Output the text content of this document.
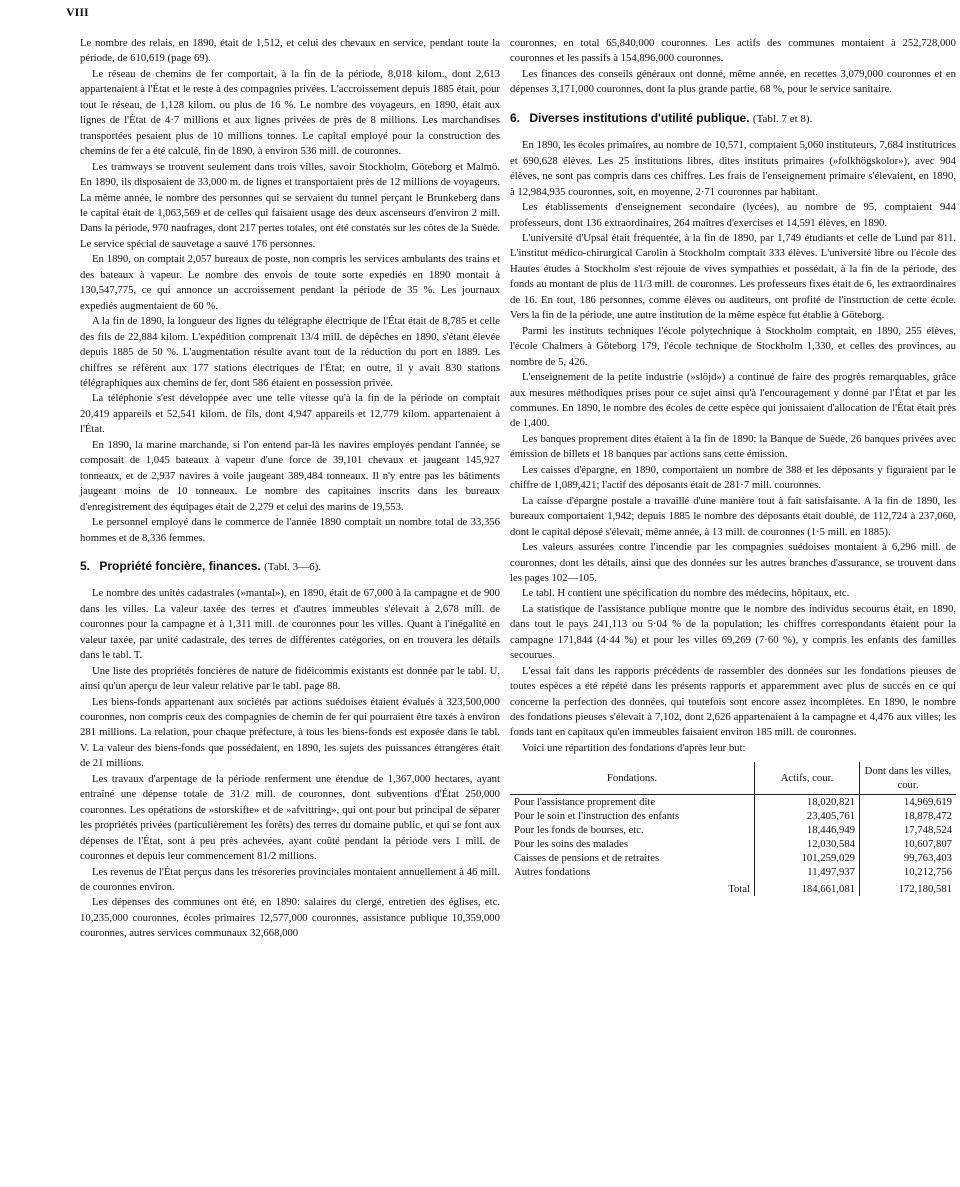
VIII

Le nombre des relais, en 1890, était de 1,512, et celui des chevaux en service, pendant toute la période, de 610,619 (page 69).

Le réseau de chemins de fer comportait, à la fin de la période, 8,018 kilom., dont 2,613 appartenaient à l'État et le reste à des compagnies privées. L'accroissement depuis 1885 était, pour tout le réseau, de 1,128 kilom. ou plus de 16 %. Le nombre des voyageurs, en 1890, était aux lignes de l'État de 4·7 millions et aux lignes privées de près de 8 millions. Les marchandises transportées pesaient plus de 10 millions tonnes. Le capital employé pour la construction des chemins de fer a été calculé, fin de 1890, à environ 536 mill. de couronnes.

Les tramways se trouvent seulement dans trois villes, savoir Stockholm, Göteborg et Malmö. En 1890, ils disposaient de 33,000 m. de lignes et transportaient près de 12 millions de voyageurs. La même année, le nombre des personnes qui se servaient du tunnel perçant le Brunkeberg dans le capital était de 1,063,569 et de celles qui faisaient usage des deux ascenseurs d'environ 2 mill. Dans la période, 970 naufrages, dont 217 pertes totales, ont été constatés sur les côtes de la Suède. Le service spécial de sauvetage a sauvé 176 personnes.

En 1890, on comptait 2,057 bureaux de poste, non compris les services ambulants des trains et des bateaux à vapeur. Le nombre des envois de toute sorte expediés en 1890 montait à 130,547,775, ce qui annonce un accroissement pendant la période de 35 %. Les journaux expediés augmentaient de 60 %.

A la fin de 1890, la longueur des lignes du télégraphe électrique de l'État était de 8,785 et celle des fils de 22,884 kilom. L'expédition comprenait 13/4 mill. de dépêches en 1890, s'étant élevée depuis 1885 de 50 %. L'augmentation résulte avant tout de la réduction du port en 1889. Les chiffres se réfèrent aux 177 stations électriques de l'État; en outre, il y avait 830 stations télégraphiques aux chemins de fer, dont 586 étaient en possession privée.

La téléphonie s'est développée avec une telle vitesse qu'à la fin de la période on comptait 20,419 appareils et 52,541 kilom. de fils, dont 4,947 appareils et 12,779 kilom. appartenaient à l'État.

En 1890, la marine marchande, si l'on entend par-là les navires employés pendant l'année, se composait de 1,045 bateaux à vapeur d'une force de 39,101 chevaux et jaugeant 145,927 tonneaux, et de 2,937 navires à voile jaugeant 389,484 tonneaux. Il n'y entre pas les bâtiments jaugeant moins de 10 tonneaux. Le nombre des capitaines inscrits dans les bureaux d'enregistrement des équipages était de 2,279 et celui des marins de 19,553.

Le personnel employé dans le commerce de l'année 1890 comptait un nombre total de 33,356 hommes et de 8,336 femmes.

5. Propriété foncière, finances. (Tabl. 3—6).

Le nombre des unités cadastrales (»mantal»), en 1890, était de 67,000 à la campagne et de 900 dans les villes. La valeur taxée des terres et d'autres immeubles s'élevait à 2,678 mill. de couronnes pour la campagne et à 1,311 mill. de couronnes pour les villes. Quant à l'inégalité en valeur taxée, par unité cadastrale, des terres de différentes catégories, on en trouvera les détails dans le tabl. T.

Une liste des propriétés foncières de nature de fidéicommis existants est donnée par le tabl. U, ainsi qu'un aperçu de leur valeur relative par le tabl. page 88.

Les biens-fonds appartenant aux sociétés par actions suédoises étaient évalués à 323,500,000 couronnes, non compris ceux des compagnies de chemin de fer qui pourraient être taxés à environ 281 millions. La relation, pour chaque préfecture, à tous les biens-fonds est exposée dans le tabl. V. La valeur des biens-fonds que possédaient, en 1890, les sujets des puissances étrangères était de 21 millions.

Les travaux d'arpentage de la période renferment une étendue de 1,367,000 hectares, ayant entraîné une dépense totale de 31/2 mill. de couronnes, dont subventions d'État 250,000 couronnes. Les opérations de »storskifte» et de »afvittring», qui ont pour but principal de séparer les propriétés privées (particulièrement les forêts) des terres du domaine public, et qui se font aux dépenses de l'État, sont à peu près achevées, ayant coûté pendant la période vers 1 mill. de couronnes et depuis leur commencement 81/2 millions.

Les revenus de l'État perçus dans les trésoreries provinciales montaient annuellement à 46 mill. de couronnes environ.

Les dépenses des communes ont été, en 1890: salaires du clergé, entretien des églises, etc. 10,235,000 couronnes, écoles primaires 12,577,000 couronnes, assistance publique 10,359,000 couronnes, autres services communaux 32,668,000

couronnes, en total 65,840,000 couronnes. Les actifs des communes montaient à 252,728,000 couronnes et les passifs à 154,896,000 couronnes.

Les finances des conseils généraux ont donné, même année, en recettes 3,079,000 couronnes et en dépenses 3,171,000 couronnes, dont la plus grande partie, 68 %, pour le service sanitaire.

6. Diverses institutions d'utilité publique. (Tabl. 7 et 8).

En 1890, les écoles primaires, au nombre de 10,571, comptaient 5,060 instituteurs, 7,684 institutrices et 690,628 élèves. Les 25 institutions libres, dites instituts primaires (»folkhögskolor»), avec 904 élèves, ne sont pas compris dans ces chiffres. Les frais de l'enseignement primaire s'élevaient, en 1890, à 12,984,935 couronnes, soit, en moyenne, 2·71 couronnes par habitant.

Les établissements d'enseignement secondaire (lycées), au nombre de 95, comptaient 944 professeurs, dont 136 extraordinaires, 264 maîtres d'exercises et 14,591 élèves, en 1890.

L'université d'Upsal était fréquentée, à la fin de 1890, par 1,749 étudiants et celle de Lund par 811. L'institut médico-chirurgical Carolin à Stockholm comptait 333 élèves. L'université libre ou l'école des Hautes études à Stockholm s'est réjouie de vives sympathies et possédait, à la fin de la période, des fonds au montant de plus de 11/3 mill. de couronnes. Les professeurs fixes était de 6, les extraordinaires de 16. En tout, 186 personnes, comme élèves ou auditeurs, ont profité de l'instruction de cette école. Vers la fin de la période, une autre institution de la même espèce fut établie à Göteborg.

Parmi les instituts techniques l'école polytechnique à Stockholm comptait, en 1890, 255 élèves, l'école Chalmers à Göteborg 179, l'école technique de Stockholm 1,330, et celles des provinces, au nombre de 5, 426.

L'enseignement de la petite industrie (»slöjd») a continué de faire des progrès remarquables, grâce aux mesures méthodiques prises pour ce sujet ainsi qu'à l'encouragement y donné par l'État et par les communes. En 1890, le nombre des écoles de cette espèce qui jouissaient d'allocation de l'État était près de 1,400.

Les banques proprement dites étaient à la fin de 1890: la Banque de Suède, 26 banques privées avec émission de billets et 18 banques par actions sans cette émission.

Les caisses d'épargne, en 1890, comportaient un nombre de 388 et les déposants y figuraient par le chiffre de 1,089,421; l'actif des déposants était de 281·7 mill. couronnes.

La caisse d'épargne postale a travaillé d'une manière tout à fait satisfaisante. A la fin de 1890, les bureaux comportaient 1,942; depuis 1885 le nombre des déposants était doublé, de 112,724 à 237,060, dont le capital déposé s'élevait, même année, à 13 mill. de couronnes (1·5 mill. en 1885).

Les valeurs assurées contre l'incendie par les compagnies suédoises montaient à 6,296 mill. de couronnes, dont les détails, ainsi que des données sur les autres branches d'assurance, se trouvent dans les pages 102—105.

Le tabl. H contient une spécification du nombre des médecins, hôpitaux, etc.

La statistique de l'assistance publique montre que le nombre des individus secourus était, en 1890, dans tout le pays 241,113 ou 5·04 % de la population; les chiffres correspondants étaient pour la campagne 171,844 (4·44 %) et pour les villes 69,269 (7·60 %), y compris les enfants des familles secourues.

L'essai fait dans les rapports précédents de rassembler des données sur les fondations pieuses de toutes espèces a été répété dans les présents rapports et apparemment avec plus de succès en ce qui concerne la perfection des données, qui toutefois sont encore assez incomplètes. En 1890, le nombre des fondations pieuses s'élevait à 7,102, dont 2,626 appartenaient à la campagne et 4,476 aux villes; les fonds tant en capitaux qu'en immeubles faisaient environ 185 mill. de couronnes.

Voici une répartition des fondations d'après leur but:

Fondations.	Actifs, cour.	Dont dans les villes, cour.
Pour l'assistance proprement dite	18,020,821	14,969,619
Pour le soin et l'instruction des enfants	23,405,761	18,878,472
Pour les fonds de bourses, etc.	18,446,949	17,748,524
Pour les soins des malades	12,030,584	10,607,807
Caisses de pensions et de retraites	101,259,029	99,763,403
Autres fondations	11,497,937	10,212,756
Total	184,661,081	172,180,581
